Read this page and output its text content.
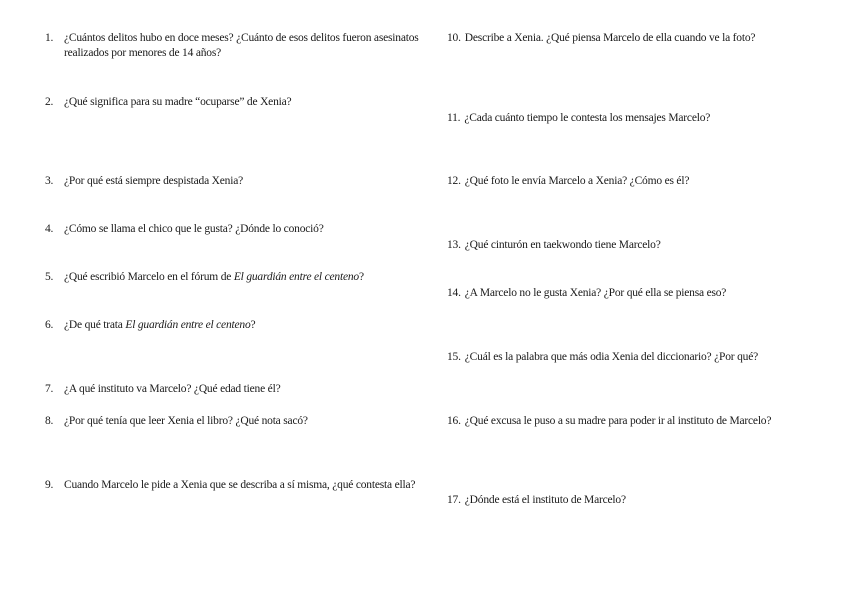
1. ¿Cuántos delitos hubo en doce meses? ¿Cuánto de esos delitos fueron asesinatos realizados por menores de 14 años?
2. ¿Qué significa para su madre “ocuparse” de Xenia?
3. ¿Por qué está siempre despistada Xenia?
4. ¿Cómo se llama el chico que le gusta? ¿Dónde lo conoció?
5. ¿Qué escribió Marcelo en el fórum de El guardián entre el centeno?
6. ¿De qué trata El guardián entre el centeno?
7. ¿A qué instituto va Marcelo? ¿Qué edad tiene él?
8. ¿Por qué tenía que leer Xenia el libro? ¿Qué nota sacó?
9. Cuando Marcelo le pide a Xenia que se describa a sí misma, ¿qué contesta ella?
10. Describe a Xenia. ¿Qué piensa Marcelo de ella cuando ve la foto?
11. ¿Cada cuánto tiempo le contesta los mensajes Marcelo?
12. ¿Qué foto le envía Marcelo a Xenia? ¿Cómo es él?
13. ¿Qué cinturón en taekwondo tiene Marcelo?
14. ¿A Marcelo no le gusta Xenia? ¿Por qué ella se piensa eso?
15. ¿Cuál es la palabra que más odia Xenia del diccionario? ¿Por qué?
16. ¿Qué excusa le puso a su madre para poder ir al instituto de Marcelo?
17. ¿Dónde está el instituto de Marcelo?
